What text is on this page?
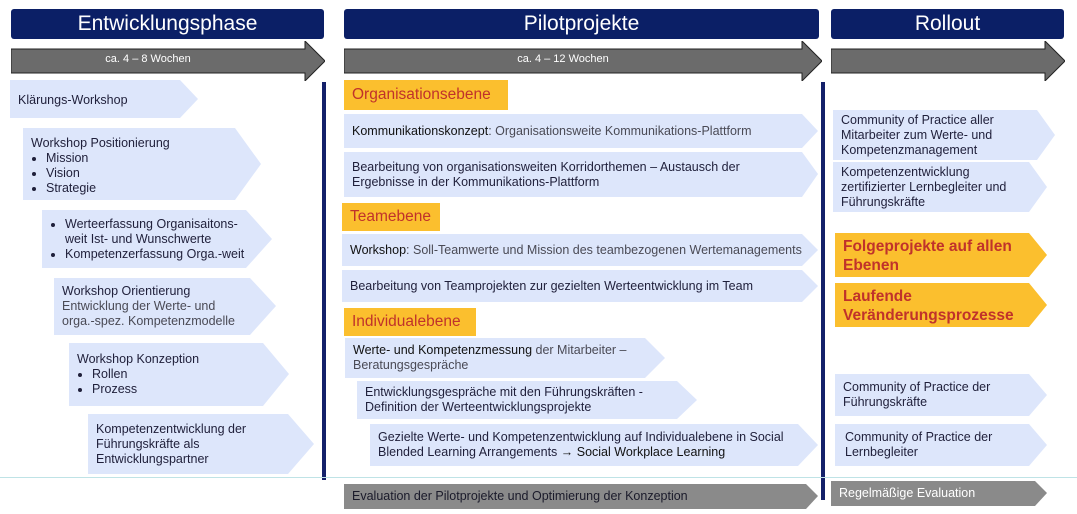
Entwicklungsphase	Pilotprojekte	Rollout
ca. 4 – 8 Wochen	ca. 4 – 12 Wochen
Klärungs-Workshop
Workshop Positionierung
• Mission
• Vision
• Strategie
• Werteerfassung Organisaitons-weit Ist- und Wunschwerte
• Kompetenzerfassung Orga.-weit
Workshop Orientierung
Entwicklung der Werte- und orga.-spez. Kompetenzmodelle
Workshop Konzeption
• Rollen
• Prozess
Kompetenzentwicklung der Führungskräfte als Entwicklungspartner
Organisationsebene
Kommunikationskonzept: Organisationsweite Kommunikations-Plattform
Bearbeitung von organisationsweiten Korridorthemen – Austausch der Ergebnisse in der Kommunikations-Plattform
Teamebene
Workshop: Soll-Teamwerte und Mission des teambezogenen Wertemanagements
Bearbeitung von Teamprojekten zur gezielten Werteentwicklung im Team
Individualebene
Werte- und Kompetenzmessung der Mitarbeiter – Beratungsgespräche
Entwicklungsgespräche mit den Führungskräften - Definition der Werteentwicklungsprojekte
Gezielte Werte- und Kompetenzentwicklung auf Individualebene in Social Blended Learning Arrangements → Social Workplace Learning
Evaluation der Pilotprojekte und Optimierung der Konzeption
Community of Practice aller Mitarbeiter zum Werte- und Kompetenzmanagement
Kompetenzentwicklung zertifizierter Lernbegleiter und Führungskräfte
Folgeprojekte auf allen Ebenen
Laufende Veränderungsprozesse
Community of Practice der Führungskräfte
Community of Practice der Lernbegleiter
Regelmäßige Evaluation
